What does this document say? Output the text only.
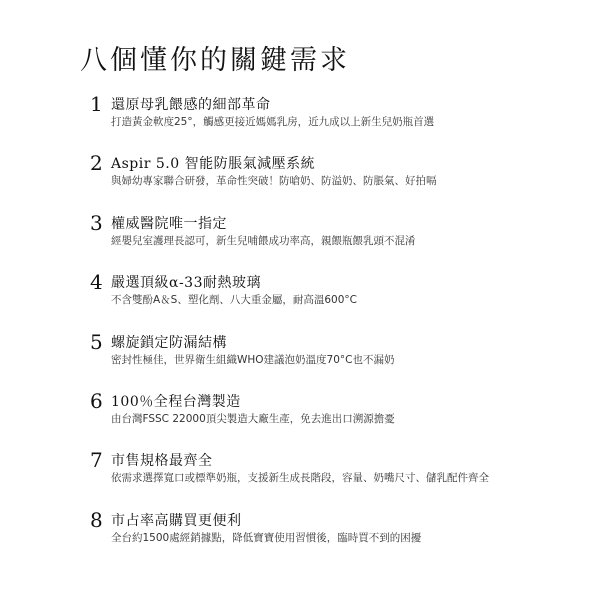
八個懂你的關鍵需求
1 還原母乳餵感的細部革命
打造黃金軟度25°，觸感更接近媽媽乳房，近九成以上新生兒奶瓶首選
2 Aspir 5.0 智能防脹氣減壓系統
與婦幼專家聯合研發，革命性突破！防嗆奶、防溢奶、防脹氣、好拍嗝
3 權威醫院唯一指定
經嬰兒室護理長認可，新生兒哺餵成功率高，親餵瓶餵乳頭不混淆
4 嚴選頂級α-33耐熱玻璃
不含雙酚A＆S、塑化劑、八大重金屬，耐高溫600°C
5 螺旋鎖定防漏結構
密封性極佳，世界衛生組織WHO建議泡奶溫度70°C也不漏奶
6 100％全程台灣製造
由台灣FSSC 22000頂尖製造大廠生產，免去進出口溯源擔憂
7 市售規格最齊全
依需求選擇寬口或標準奶瓶，支援新生成長階段，容量、奶嘴尺寸、儲乳配件齊全
8 市占率高購買更便利
全台約1500處經銷據點，降低寶寶使用習慣後，臨時買不到的困擾
